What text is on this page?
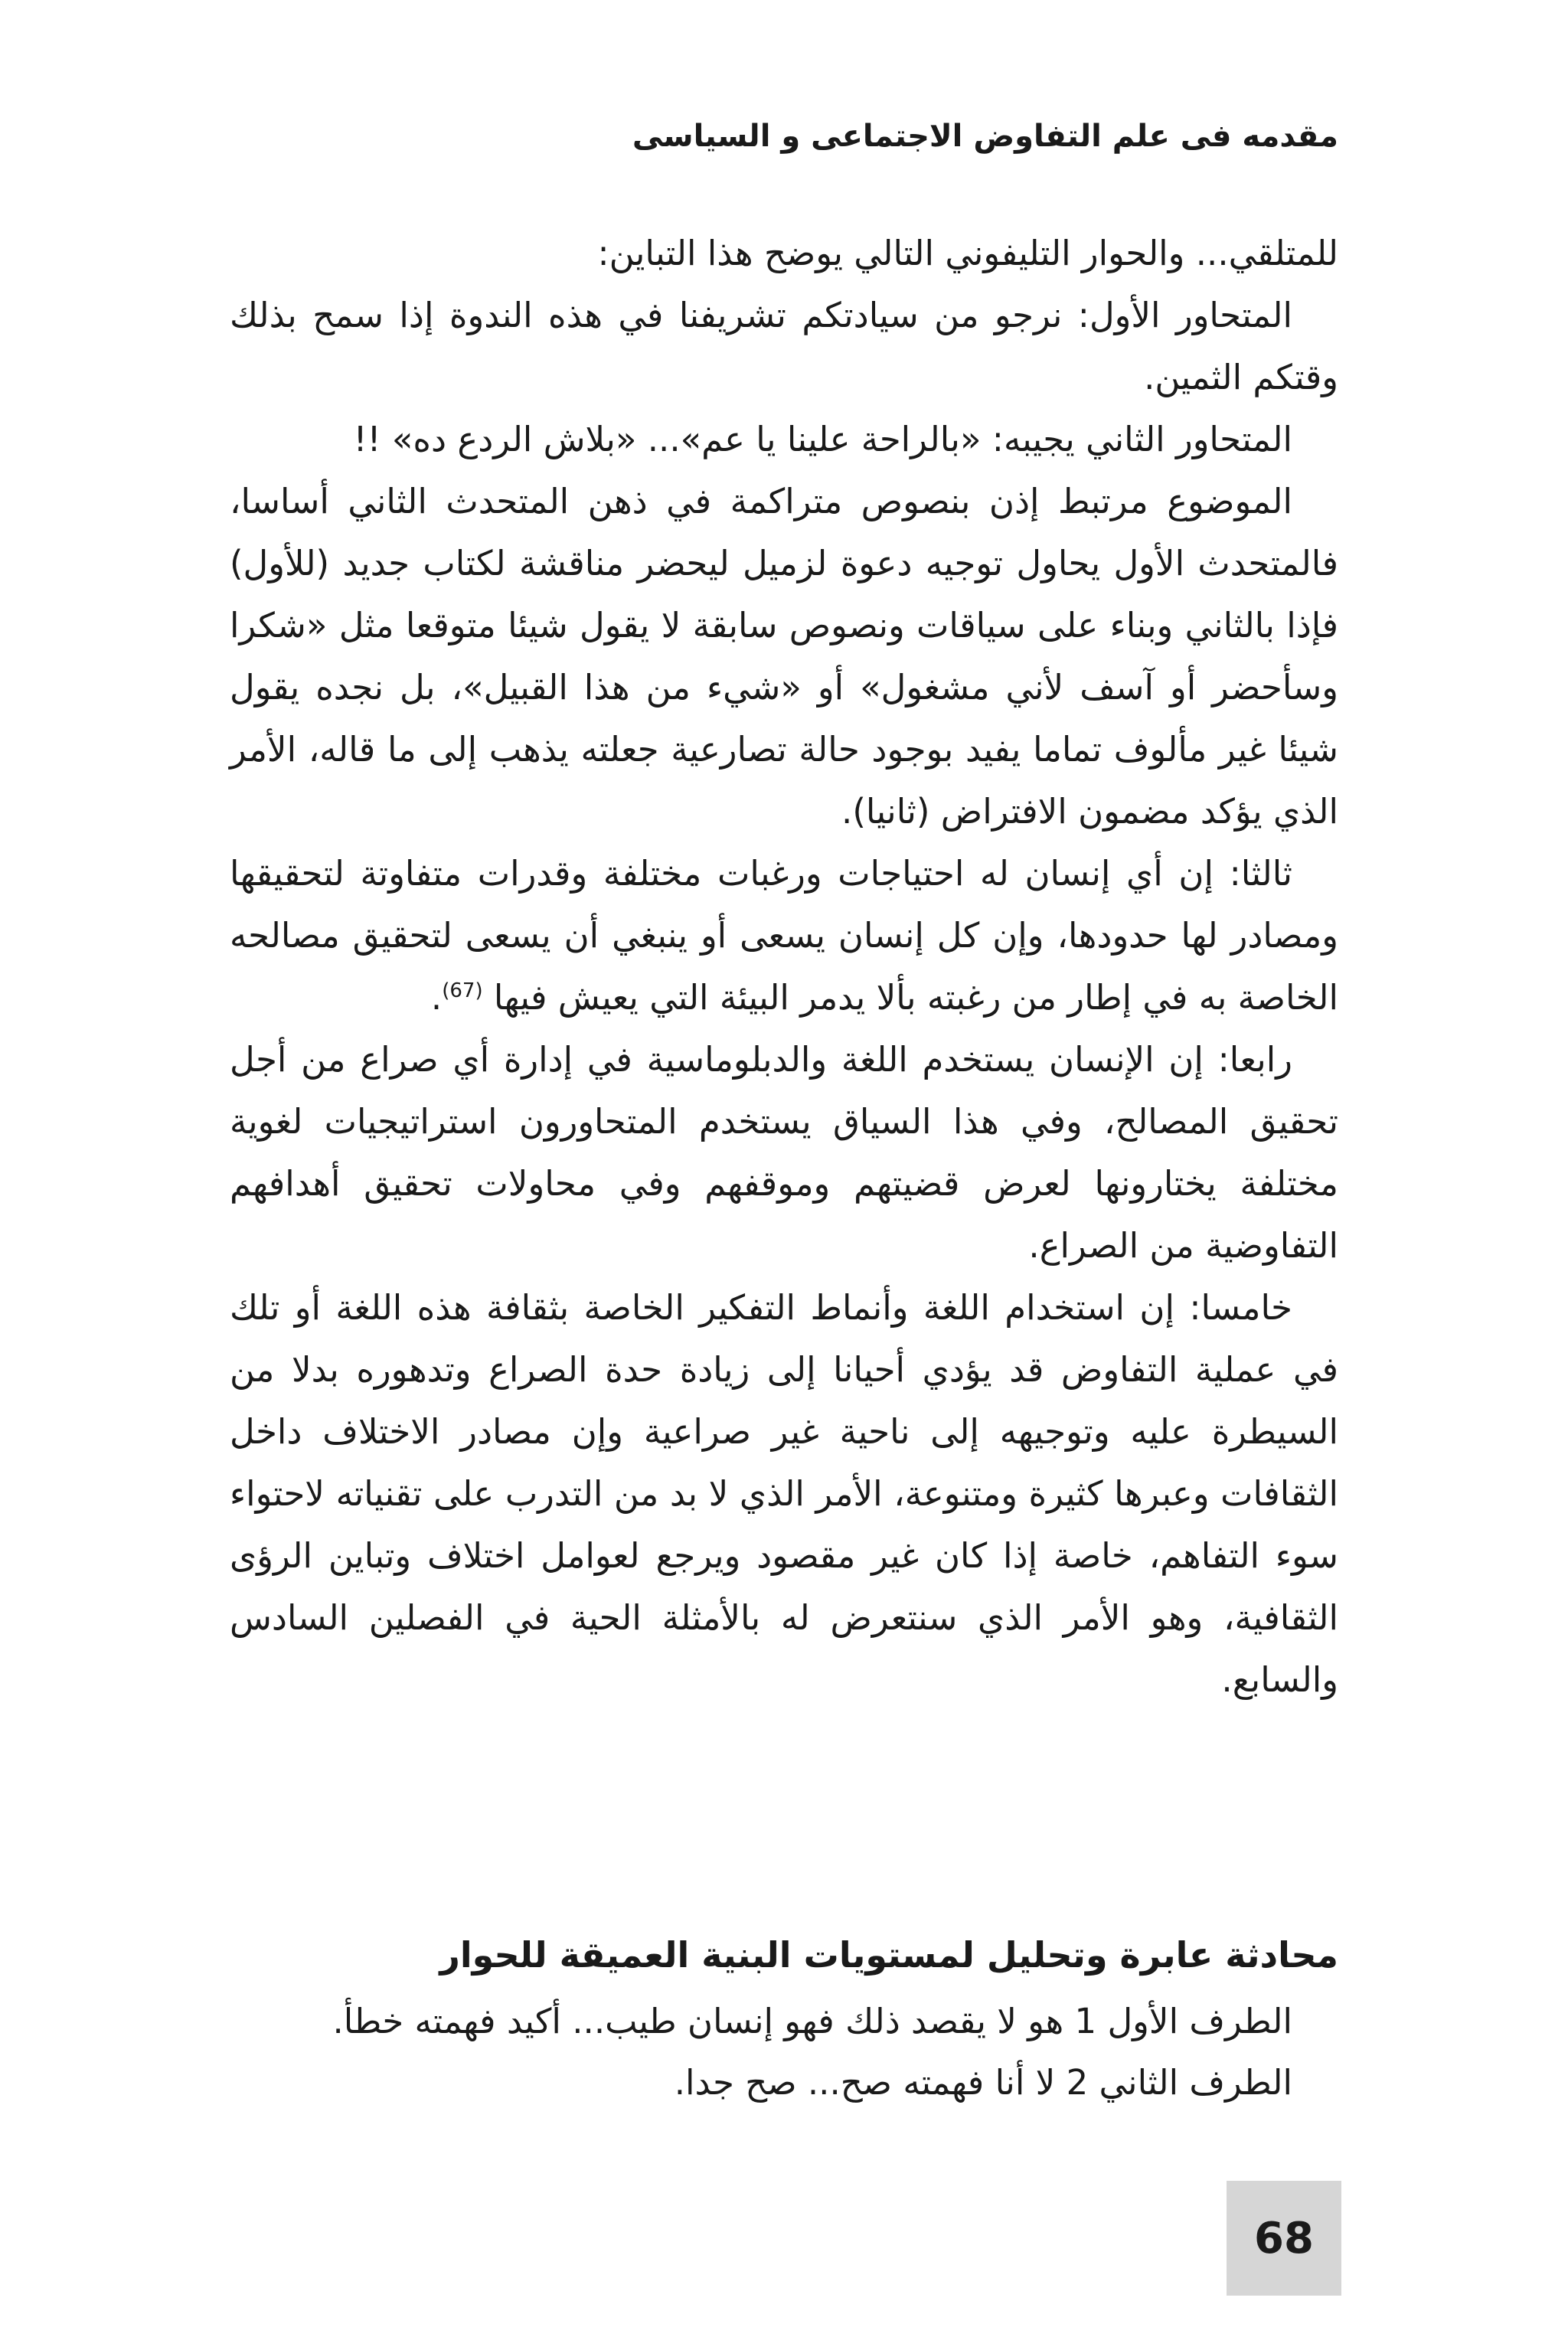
مقدمه فى علم التفاوض الاجتماعى و السياسى

للمتلقي... والحوار التليفوني التالي يوضح هذا التباين:

المتحاور الأول: نرجو من سيادتكم تشريفنا في هذه الندوة إذا سمح بذلك وقتكم الثمين.

المتحاور الثاني يجيبه: «بالراحة علينا يا عم»... «بلاش الردع ده» !!

الموضوع مرتبط إذن بنصوص متراكمة في ذهن المتحدث الثاني أساسا، فالمتحدث الأول يحاول توجيه دعوة لزميل ليحضر مناقشة لكتاب جديد (للأول) فإذا بالثاني وبناء على سياقات ونصوص سابقة لا يقول شيئا متوقعا مثل «شكرا وسأحضر أو آسف لأني مشغول» أو «شيء من هذا القبيل»، بل نجده يقول شيئا غير مألوف تماما يفيد بوجود حالة تصارعية جعلته يذهب إلى ما قاله، الأمر الذي يؤكد مضمون الافتراض (ثانيا).

ثالثا: إن أي إنسان له احتياجات ورغبات مختلفة وقدرات متفاوتة لتحقيقها ومصادر لها حدودها، وإن كل إنسان يسعى أو ينبغي أن يسعى لتحقيق مصالحه الخاصة به في إطار من رغبته بألا يدمر البيئة التي يعيش فيها $^{(67)}$.

رابعا: إن الإنسان يستخدم اللغة والدبلوماسية في إدارة أي صراع من أجل تحقيق المصالح، وفي هذا السياق يستخدم المتحاورون استراتيجيات لغوية مختلفة يختارونها لعرض قضيتهم وموقفهم وفي محاولات تحقيق أهدافهم التفاوضية من الصراع.

خامسا: إن استخدام اللغة وأنماط التفكير الخاصة بثقافة هذه اللغة أو تلك في عملية التفاوض قد يؤدي أحيانا إلى زيادة حدة الصراع وتدهوره بدلا من السيطرة عليه وتوجيهه إلى ناحية غير صراعية وإن مصادر الاختلاف داخل الثقافات وعبرها كثيرة ومتنوعة، الأمر الذي لا بد من التدرب على تقنياته لاحتواء سوء التفاهم، خاصة إذا كان غير مقصود ويرجع لعوامل اختلاف وتباين الرؤى الثقافية، وهو الأمر الذي سنتعرض له بالأمثلة الحية في الفصلين السادس والسابع.

محادثة عابرة وتحليل لمستويات البنية العميقة للحوار

الطرف الأول 1 هو لا يقصد ذلك فهو إنسان طيب... أكيد فهمته خطأ.

الطرف الثاني 2 لا أنا فهمته صح... صح جدا.

68
